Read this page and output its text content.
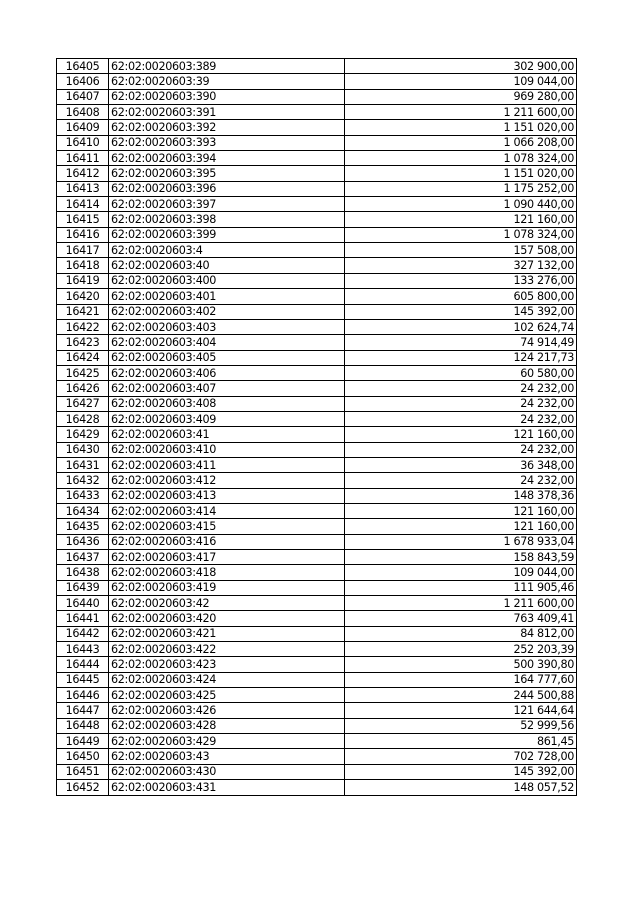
16405	62:02:0020603:389	302 900,00
16406	62:02:0020603:39	109 044,00
16407	62:02:0020603:390	969 280,00
16408	62:02:0020603:391	1 211 600,00
16409	62:02:0020603:392	1 151 020,00
16410	62:02:0020603:393	1 066 208,00
16411	62:02:0020603:394	1 078 324,00
16412	62:02:0020603:395	1 151 020,00
16413	62:02:0020603:396	1 175 252,00
16414	62:02:0020603:397	1 090 440,00
16415	62:02:0020603:398	121 160,00
16416	62:02:0020603:399	1 078 324,00
16417	62:02:0020603:4	157 508,00
16418	62:02:0020603:40	327 132,00
16419	62:02:0020603:400	133 276,00
16420	62:02:0020603:401	605 800,00
16421	62:02:0020603:402	145 392,00
16422	62:02:0020603:403	102 624,74
16423	62:02:0020603:404	74 914,49
16424	62:02:0020603:405	124 217,73
16425	62:02:0020603:406	60 580,00
16426	62:02:0020603:407	24 232,00
16427	62:02:0020603:408	24 232,00
16428	62:02:0020603:409	24 232,00
16429	62:02:0020603:41	121 160,00
16430	62:02:0020603:410	24 232,00
16431	62:02:0020603:411	36 348,00
16432	62:02:0020603:412	24 232,00
16433	62:02:0020603:413	148 378,36
16434	62:02:0020603:414	121 160,00
16435	62:02:0020603:415	121 160,00
16436	62:02:0020603:416	1 678 933,04
16437	62:02:0020603:417	158 843,59
16438	62:02:0020603:418	109 044,00
16439	62:02:0020603:419	111 905,46
16440	62:02:0020603:42	1 211 600,00
16441	62:02:0020603:420	763 409,41
16442	62:02:0020603:421	84 812,00
16443	62:02:0020603:422	252 203,39
16444	62:02:0020603:423	500 390,80
16445	62:02:0020603:424	164 777,60
16446	62:02:0020603:425	244 500,88
16447	62:02:0020603:426	121 644,64
16448	62:02:0020603:428	52 999,56
16449	62:02:0020603:429	861,45
16450	62:02:0020603:43	702 728,00
16451	62:02:0020603:430	145 392,00
16452	62:02:0020603:431	148 057,52
